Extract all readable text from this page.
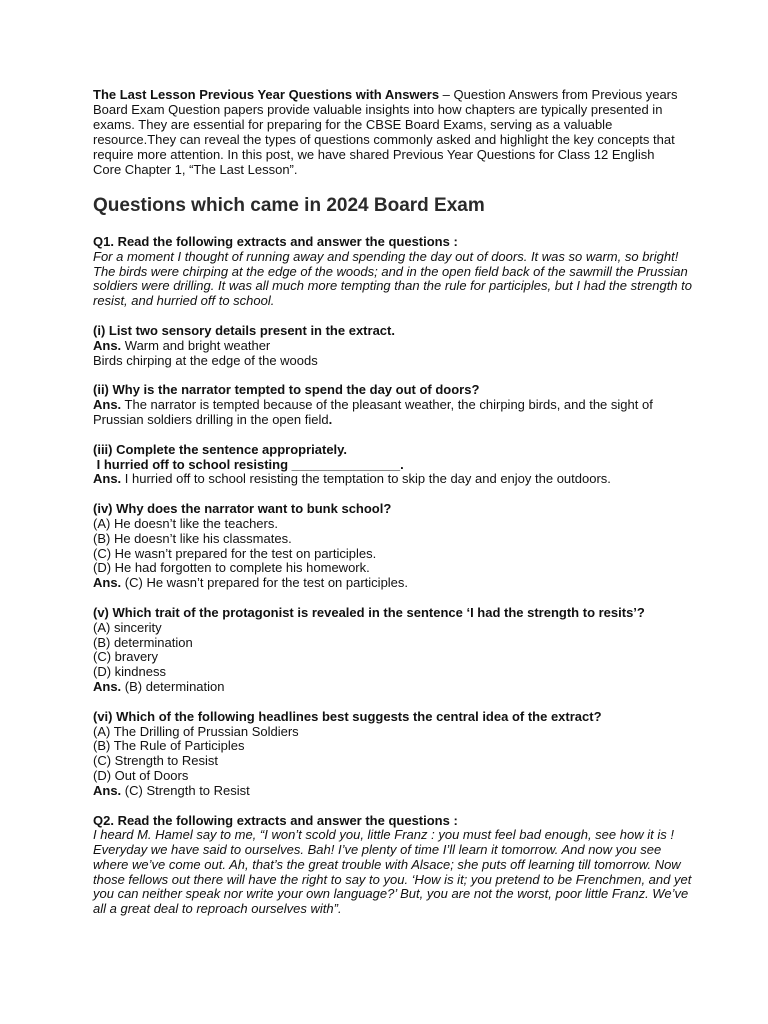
The Last Lesson Previous Year Questions with Answers – Question Answers from Previous years Board Exam Question papers provide valuable insights into how chapters are typically presented in exams. They are essential for preparing for the CBSE Board Exams, serving as a valuable resource.They can reveal the types of questions commonly asked and highlight the key concepts that require more attention. In this post, we have shared Previous Year Questions for Class 12 English Core Chapter 1, “The Last Lesson”.

Questions which came in 2024 Board Exam
Q1. Read the following extracts and answer the questions :
For a moment I thought of running away and spending the day out of doors. It was so warm, so bright! The birds were chirping at the edge of the woods; and in the open field back of the sawmill the Prussian soldiers were drilling. It was all much more tempting than the rule for participles, but I had the strength to resist, and hurried off to school.
(i) List two sensory details present in the extract.
Ans. Warm and bright weather
Birds chirping at the edge of the woods
(ii) Why is the narrator tempted to spend the day out of doors?
Ans. The narrator is tempted because of the pleasant weather, the chirping birds, and the sight of Prussian soldiers drilling in the open field.
(iii) Complete the sentence appropriately.
I hurried off to school resisting _______________.
Ans. I hurried off to school resisting the temptation to skip the day and enjoy the outdoors.
(iv) Why does the narrator want to bunk school?
(A) He doesn’t like the teachers.
(B) He doesn’t like his classmates.
(C) He wasn’t prepared for the test on participles.
(D) He had forgotten to complete his homework.
Ans. (C) He wasn’t prepared for the test on participles.
(v) Which trait of the protagonist is revealed in the sentence ‘I had the strength to resits’?
(A) sincerity
(B) determination
(C) bravery
(D) kindness
Ans. (B) determination
(vi) Which of the following headlines best suggests the central idea of the extract?
(A) The Drilling of Prussian Soldiers
(B) The Rule of Participles
(C) Strength to Resist
(D) Out of Doors
Ans. (C) Strength to Resist
Q2. Read the following extracts and answer the questions :
I heard M. Hamel say to me, “I won’t scold you, little Franz : you must feel bad enough, see how it is ! Everyday we have said to ourselves. Bah! I’ve plenty of time I’ll learn it tomorrow. And now you see where we’ve come out. Ah, that’s the great trouble with Alsace; she puts off learning till tomorrow. Now those fellows out there will have the right to say to you. ‘How is it; you pretend to be Frenchmen, and yet you can neither speak nor write your own language?’ But, you are not the worst, poor little Franz. We’ve all a great deal to reproach ourselves with”.
